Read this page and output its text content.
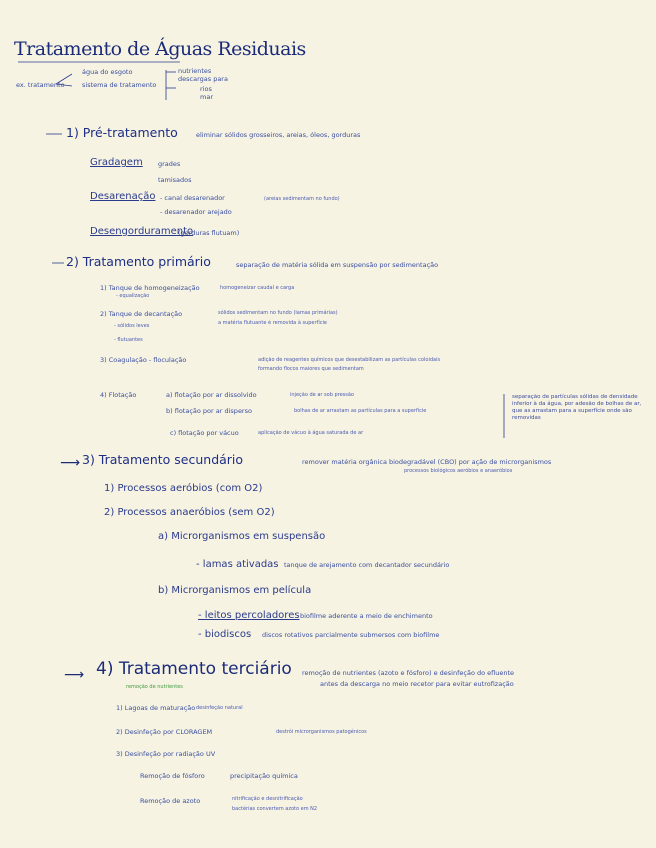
Tratamento de Águas Residuais
água do esgoto
sistema de tratamento
ex. tratamento
nutrientes
descargas para
rios
mar
1) Pré-tratamento	eliminar sólidos grosseiros, areias, óleos, gorduras
Gradagem grades
tamisados
Desarenação - canal desarenador	(areias sedimentam no fundo)
- desarenador arejado
Desengorduramento
(gorduras flutuam)
2) Tratamento primário	separação de matéria sólida em suspensão por sedimentação
1) Tanque de homogeneização	homogeneizar caudal e carga
- equalização
2) Tanque de decantação	sólidos sedimentam no fundo (lamas primárias)
a matéria flutuante é removida à superfície
- sólidos leves
- flutuantes
3) Coagulação - floculação	adição de reagentes químicos que desestabilizam as partículas coloidais
formando flocos maiores que sedimentam
4) Flotação	a) flotação por ar dissolvido	injeção de ar sob pressão
b) flotação por ar disperso	bolhas de ar arrastam as partículas para a superfície
c) flotação por vácuo	aplicação de vácuo à água saturada de ar
separação de partículas sólidas de densidade inferior à da água, por adesão de bolhas de ar, que as arrastam para a superfície onde são removidas
⟶ 3) Tratamento secundário	remover matéria orgânica biodegradável (CBO) por ação de microrganismos
processos biológicos aeróbios e anaeróbios
1) Processos aeróbios (com O2)
2) Processos anaeróbios (sem O2)
a) Microrganismos em suspensão
- lamas ativadas tanque de arejamento com decantador secundário
b) Microrganismos em película
- leitos percoladores biofilme aderente a meio de enchimento
- biodiscos discos rotativos parcialmente submersos com biofilme
⟶ 4) Tratamento terciário
remoção de nutrientes
remoção de nutrientes (azoto e fósforo) e desinfeção do efluente
antes da descarga no meio recetor para evitar eutrofização
1) Lagoas de maturação desinfeção natural
2) Desinfeção por CLORAGEM	destrói microrganismos patogénicos
3) Desinfeção por radiação UV
Remoção de fósforo	precipitação química
Remoção de azoto	nitrificação e desnitrificação
bactérias convertem azoto em N2
